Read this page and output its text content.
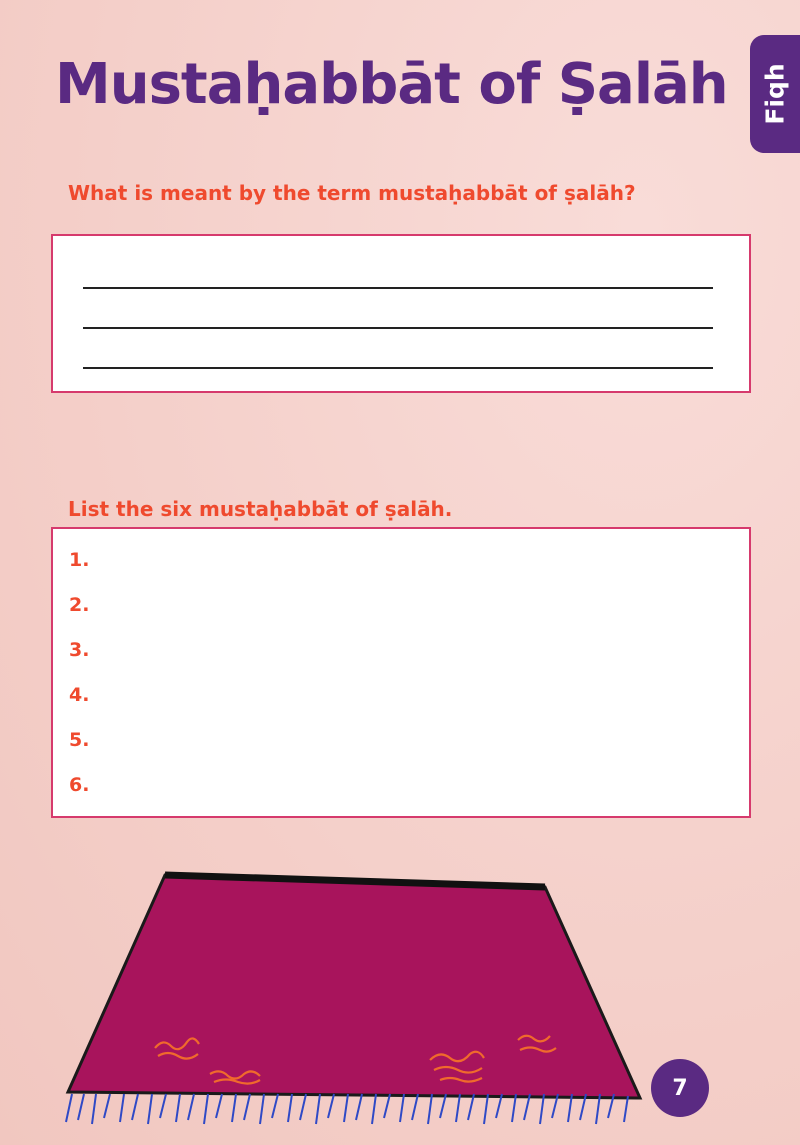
Mustaḥabbāt of Ṣalāh Fiqh

What is meant by the term mustaḥabbāt of ṣalāh?

List the six mustaḥabbāt of ṣalāh.

1.
2.
3.
4.
5.
6.
7
